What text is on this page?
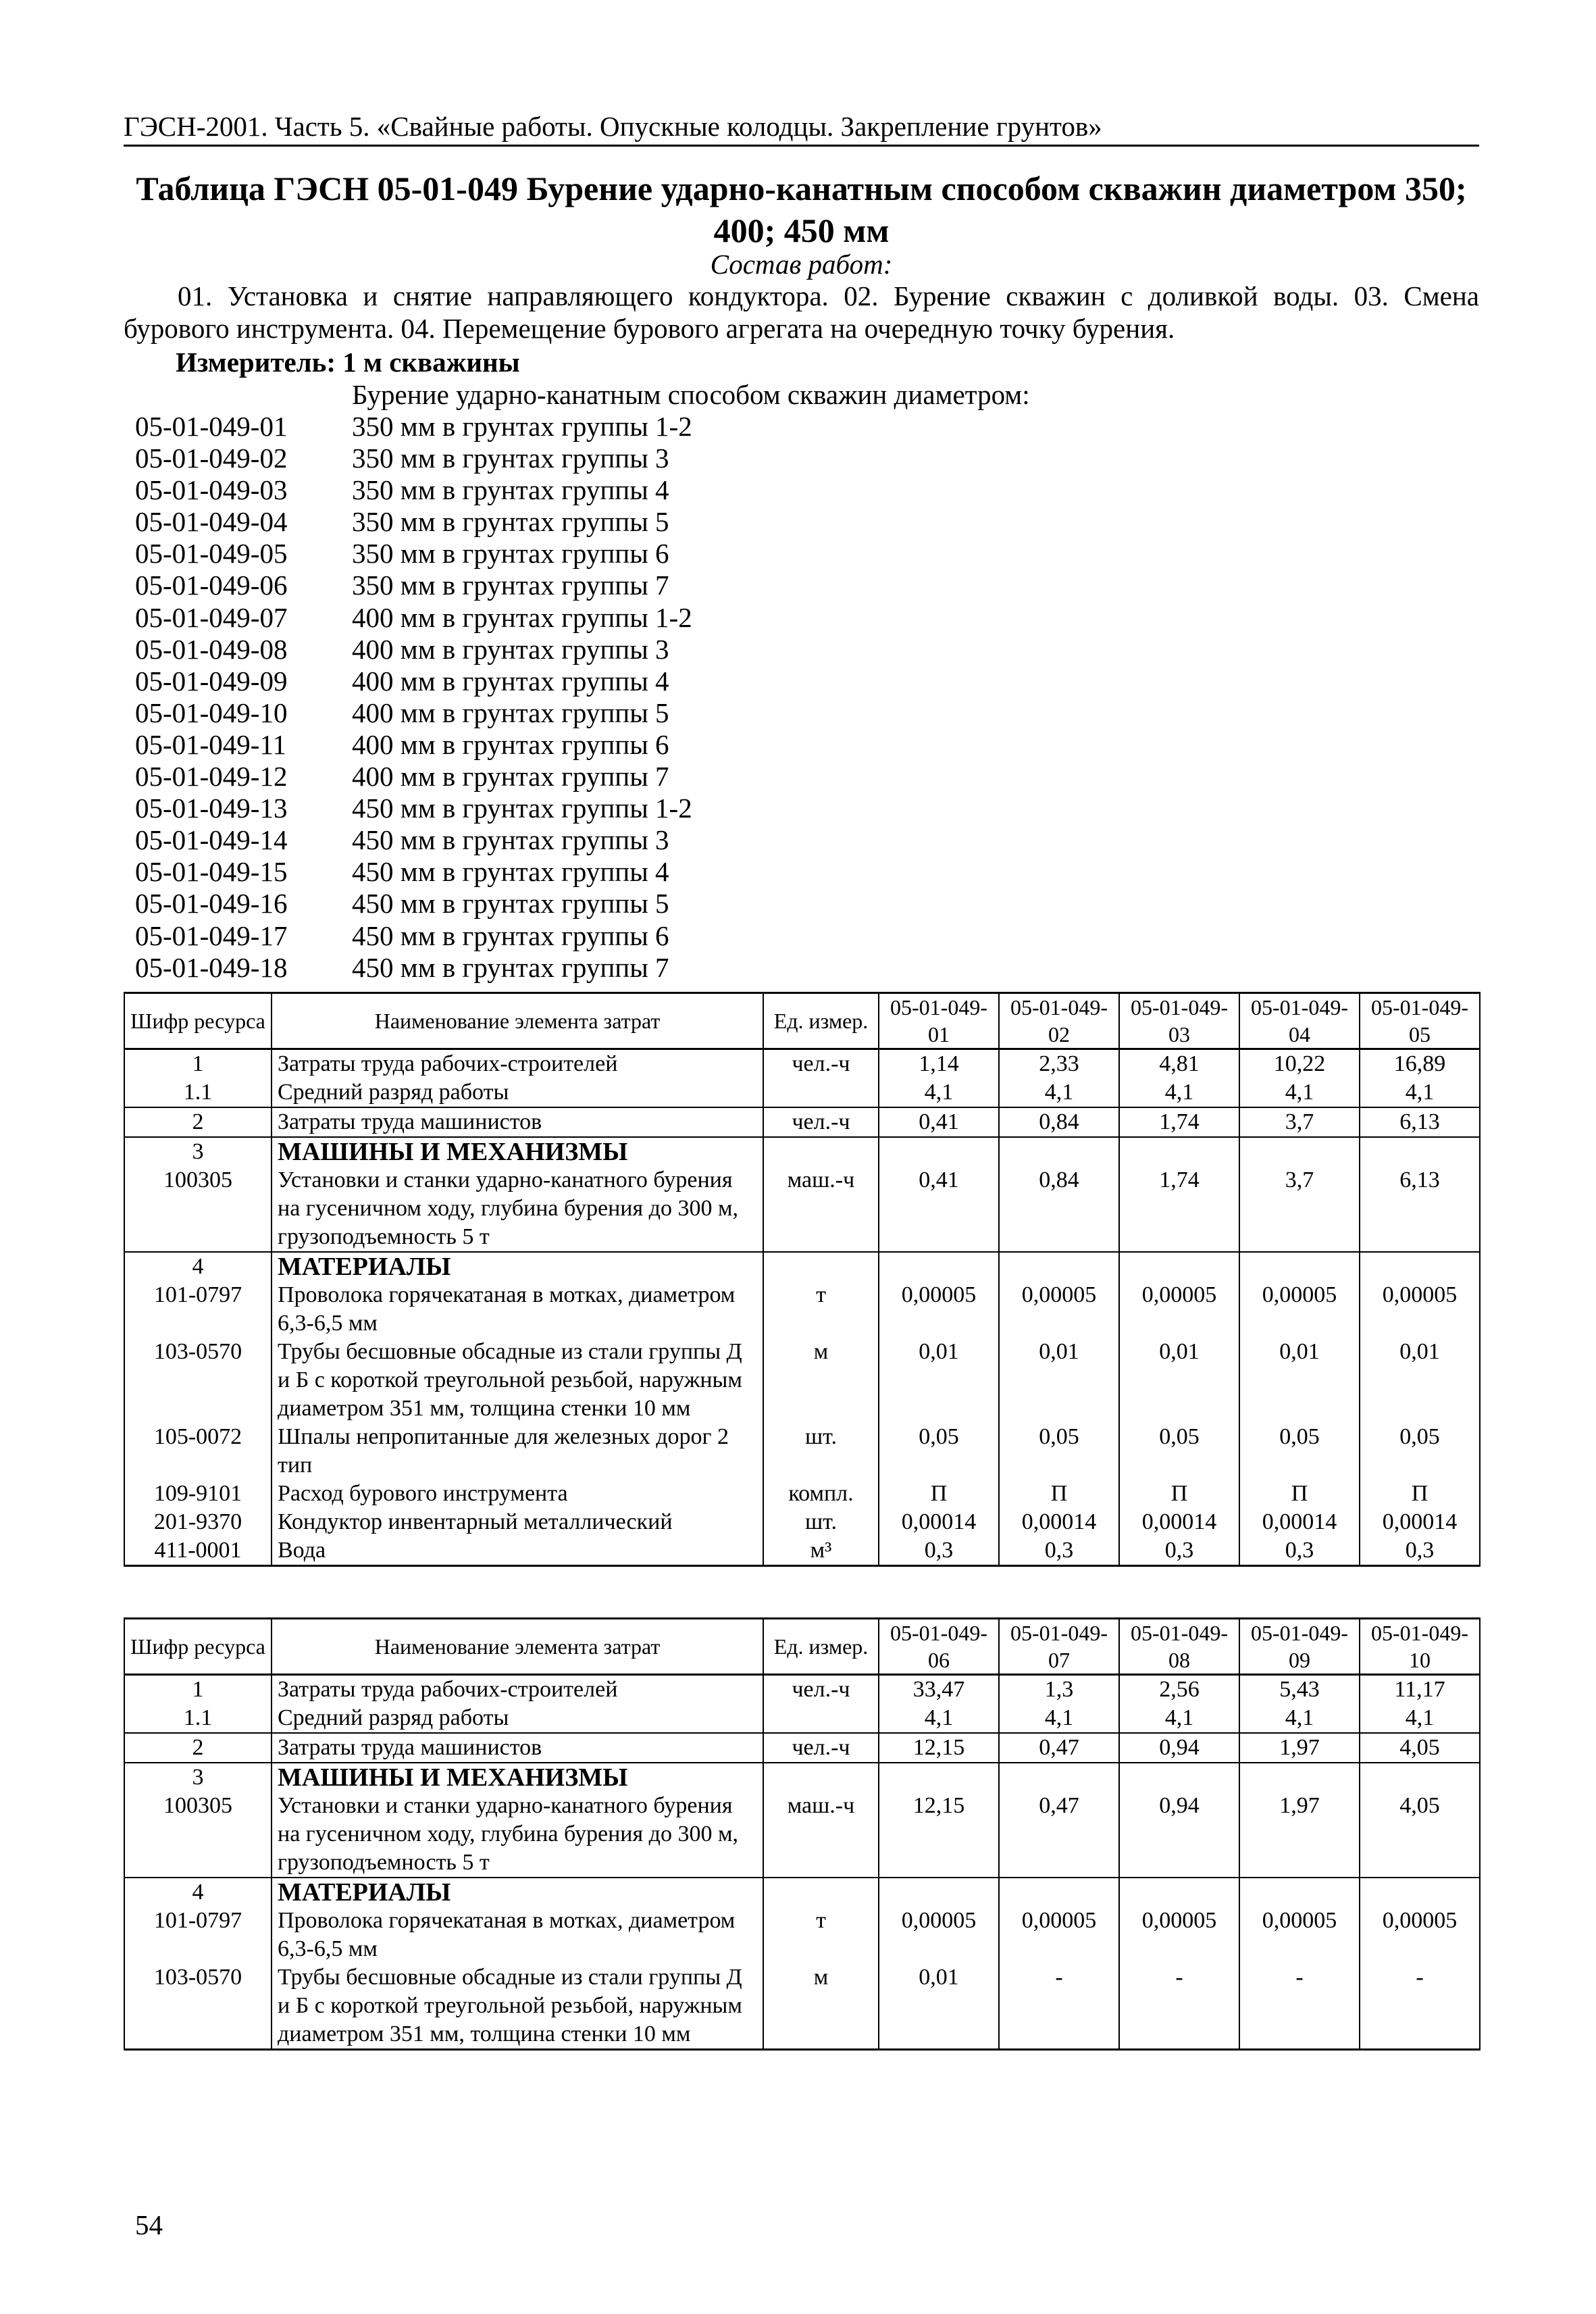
ГЭСН-2001. Часть 5. «Свайные работы. Опускные колодцы. Закрепление грунтов»
Таблица ГЭСН 05-01-049 Бурение ударно-канатным способом скважин диаметром 350;
400; 450 мм
Состав работ:

01. Установка и снятие направляющего кондуктора. 02. Бурение скважин с доливкой воды. 03. Смена бурового инструмента. 04. Перемещение бурового агрегата на очередную точку бурения.

Измеритель: 1 м скважины
Бурение ударно-канатным способом скважин диаметром:
05-01-049-01 350 мм в грунтах группы 1-2
05-01-049-02 350 мм в грунтах группы 3
05-01-049-03 350 мм в грунтах группы 4
05-01-049-04 350 мм в грунтах группы 5
05-01-049-05 350 мм в грунтах группы 6
05-01-049-06 350 мм в грунтах группы 7
05-01-049-07 400 мм в грунтах группы 1-2
05-01-049-08 400 мм в грунтах группы 3
05-01-049-09 400 мм в грунтах группы 4
05-01-049-10 400 мм в грунтах группы 5
05-01-049-11 400 мм в грунтах группы 6
05-01-049-12 400 мм в грунтах группы 7
05-01-049-13 450 мм в грунтах группы 1-2
05-01-049-14 450 мм в грунтах группы 3
05-01-049-15 450 мм в грунтах группы 4
05-01-049-16 450 мм в грунтах группы 5
05-01-049-17 450 мм в грунтах группы 6
05-01-049-18 450 мм в грунтах группы 7
Шифр ресурса	Наименование элемента затрат	Ед. измер.	05-01-049-01	05-01-049-02	05-01-049-03	05-01-049-04	05-01-049-05
1	Затраты труда рабочих-строителей	чел.-ч	1,14	2,33	4,81	10,22	16,89
1.1	Средний разряд работы		4,1	4,1	4,1	4,1	4,1
2	Затраты труда машинистов	чел.-ч	0,41	0,84	1,74	3,7	6,13
3	МАШИНЫ И МЕХАНИЗМЫ						
100305	Установки и станки ударно-канатного бурения на гусеничном ходу, глубина бурения до 300 м, грузоподъемность 5 т	маш.-ч	0,41	0,84	1,74	3,7	6,13
4	МАТЕРИАЛЫ						
101-0797	Проволока горячекатаная в мотках, диаметром 6,3-6,5 мм	т	0,00005	0,00005	0,00005	0,00005	0,00005
103-0570	Трубы бесшовные обсадные из стали группы Д и Б с короткой треугольной резьбой, наружным диаметром 351 мм, толщина стенки 10 мм	м	0,01	0,01	0,01	0,01	0,01
105-0072	Шпалы непропитанные для железных дорог 2 тип	шт.	0,05	0,05	0,05	0,05	0,05
109-9101	Расход бурового инструмента	компл.	П	П	П	П	П
201-9370	Кондуктор инвентарный металлический	шт.	0,00014	0,00014	0,00014	0,00014	0,00014
411-0001	Вода	м³	0,3	0,3	0,3	0,3	0,3
Шифр ресурса	Наименование элемента затрат	Ед. измер.	05-01-049-06	05-01-049-07	05-01-049-08	05-01-049-09	05-01-049-10
1	Затраты труда рабочих-строителей	чел.-ч	33,47	1,3	2,56	5,43	11,17
1.1	Средний разряд работы		4,1	4,1	4,1	4,1	4,1
2	Затраты труда машинистов	чел.-ч	12,15	0,47	0,94	1,97	4,05
3	МАШИНЫ И МЕХАНИЗМЫ						
100305	Установки и станки ударно-канатного бурения на гусеничном ходу, глубина бурения до 300 м, грузоподъемность 5 т	маш.-ч	12,15	0,47	0,94	1,97	4,05
4	МАТЕРИАЛЫ						
101-0797	Проволока горячекатаная в мотках, диаметром 6,3-6,5 мм	т	0,00005	0,00005	0,00005	0,00005	0,00005
103-0570	Трубы бесшовные обсадные из стали группы Д и Б с короткой треугольной резьбой, наружным диаметром 351 мм, толщина стенки 10 мм	м	0,01	-	-	-	-
54
